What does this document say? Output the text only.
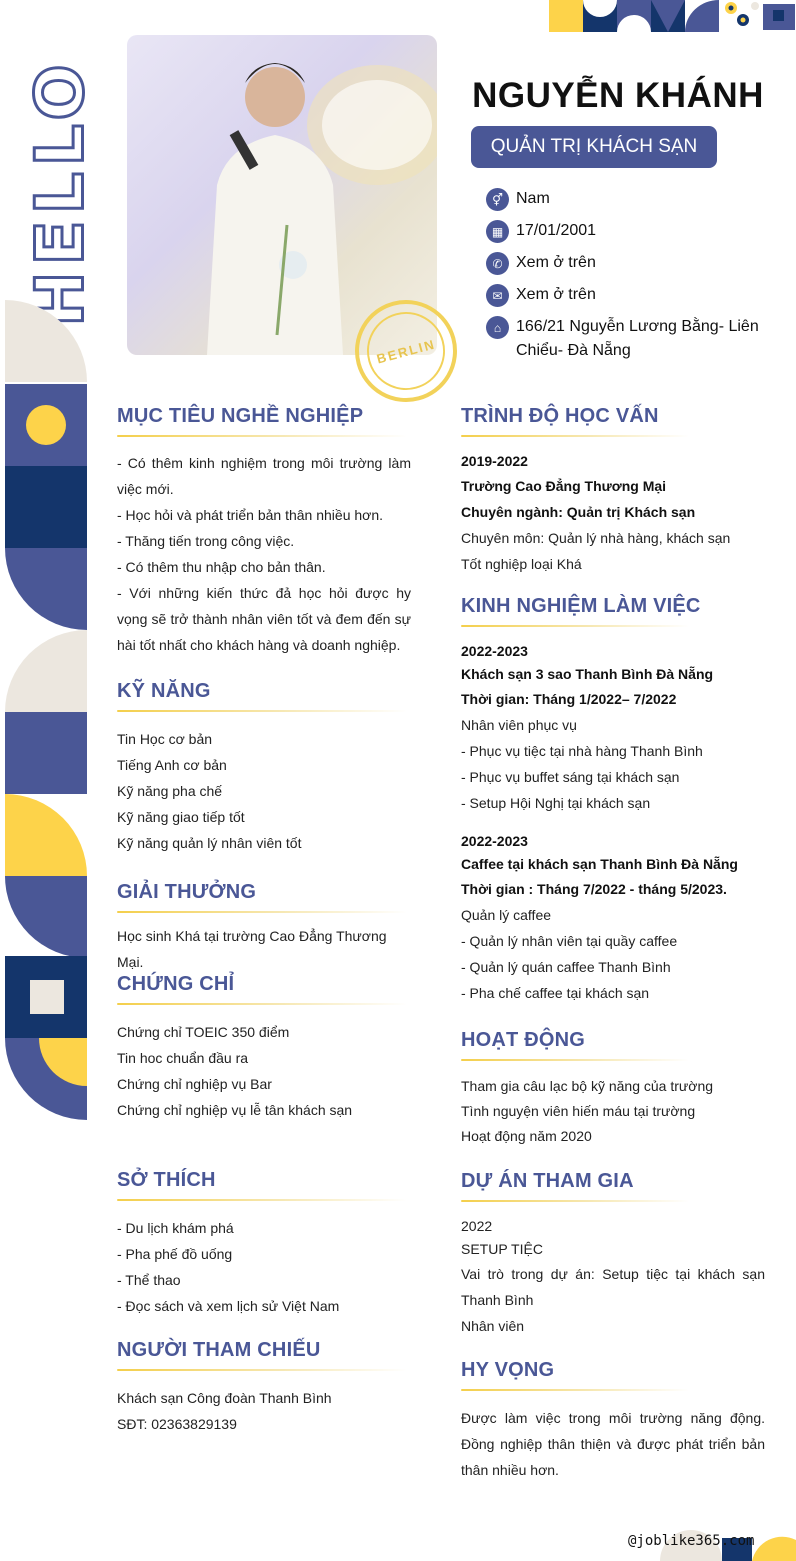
HELLO
BERLIN
NGUYỄN KHÁNH
QUẢN TRỊ KHÁCH SẠN
⚥ Nam
▦ 17/01/2001
✆ Xem ở trên
✉ Xem ở trên
⌂ 166/21 Nguyễn Lương Bằng- Liên Chiểu- Đà Nẵng
MỤC TIÊU NGHỀ NGHIỆP
- Có thêm kinh nghiệm trong môi trường làm việc mới.
- Học hỏi và phát triển bản thân nhiều hơn.
- Thăng tiến trong công việc.
- Có thêm thu nhập cho bản thân.
- Với những kiến thức đả học hỏi được hy vọng sẽ trở thành nhân viên tốt và đem đến sự hài tốt nhất cho khách hàng và doanh nghiệp.
KỸ NĂNG
Tin Học cơ bản
Tiếng Anh cơ bản
Kỹ năng pha chế
Kỹ năng giao tiếp tốt
Kỹ năng quản lý nhân viên tốt
GIẢI THƯỞNG
Học sinh Khá tại trường Cao Đẳng Thương Mại.
CHỨNG CHỈ
Chứng chỉ TOEIC 350 điểm
Tin hoc chuẩn đầu ra
Chứng chỉ nghiệp vụ Bar
Chứng chỉ nghiệp vụ lễ tân khách sạn
SỞ THÍCH
- Du lịch khám phá
- Pha phế đồ uống
- Thể thao
- Đọc sách và xem lịch sử Việt Nam
NGƯỜI THAM CHIẾU
Khách sạn Công đoàn Thanh Bình
SĐT: 02363829139
TRÌNH ĐỘ HỌC VẤN
2019-2022
Trường Cao Đẳng Thương Mại
Chuyên ngành: Quản trị Khách sạn
Chuyên môn: Quản lý nhà hàng, khách sạn
Tốt nghiệp loại Khá
KINH NGHIỆM LÀM VIỆC
2022-2023
Khách sạn 3 sao Thanh Bình Đà Nẵng
Thời gian: Tháng 1/2022– 7/2022
Nhân viên phục vụ
- Phục vụ tiệc tại nhà hàng Thanh Bình
- Phục vụ buffet sáng tại khách sạn
- Setup Hội Nghị tại khách sạn
2022-2023
Caffee tại khách sạn Thanh Bình Đà Nẵng
Thời gian : Tháng 7/2022 - tháng 5/2023.
Quản lý caffee
- Quản lý nhân viên tại quầy caffee
- Quản lý quán caffee Thanh Bình
- Pha chế caffee tại khách sạn
HOẠT ĐỘNG
Tham gia câu lạc bộ kỹ năng của trường
Tình nguyện viên hiến máu tại trường
Hoạt động năm 2020
DỰ ÁN THAM GIA
2022
SETUP TIỆC
Vai trò trong dự án: Setup tiệc tại khách sạn Thanh Bình
Nhân viên
HY VỌNG
Được làm việc trong môi trường năng động. Đồng nghiệp thân thiện và được phát triển bản thân nhiều hơn.
@joblike365.com
